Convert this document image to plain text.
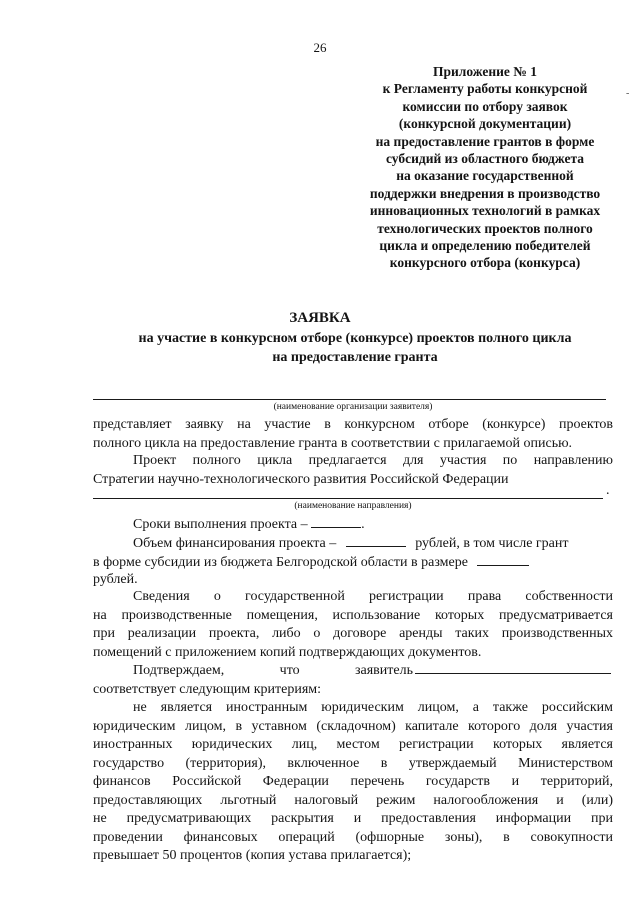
26
-
Приложение № 1
к Регламенту работы конкурсной
комиссии по отбору заявок
(конкурсной документации)
на предоставление грантов в форме
субсидий из областного бюджета
на оказание государственной
поддержки внедрения в производство
инновационных технологий в рамках
технологических проектов полного
цикла и определению победителей
конкурсного отбора (конкурса)
ЗАЯВКА
на участие в конкурсном отборе (конкурсе) проектов полного цикла
на предоставление гранта
(наименование организации заявителя)
представляет заявку на участие в конкурсном отборе (конкурсе) проектов
полного цикла на предоставление гранта в соответствии с прилагаемой описью.
Проект полного цикла предлагается для участия по направлению
Стратегии научно-технологического развития Российской Федерации
.
(наименование направления)
Сроки выполнения проекта –	.
Объем финансирования проекта –	рублей, в том числе грант
в форме субсидии из бюджета Белгородской области в размере
рублей.
Сведения о государственной регистрации права собственности
на производственные помещения, использование которых предусматривается
при реализации проекта, либо о договоре аренды таких производственных
помещений с приложением копий подтверждающих документов.
Подтверждаем, что заявитель
соответствует следующим критериям:
не является иностранным юридическим лицом, а также российским
юридическим лицом, в уставном (складочном) капитале которого доля участия
иностранных юридических лиц, местом регистрации которых является
государство (территория), включенное в утверждаемый Министерством
финансов Российской Федерации перечень государств и территорий,
предоставляющих льготный налоговый режим налогообложения и (или)
не предусматривающих раскрытия и предоставления информации при
проведении финансовых операций (офшорные зоны), в совокупности
превышает 50 процентов (копия устава прилагается);
